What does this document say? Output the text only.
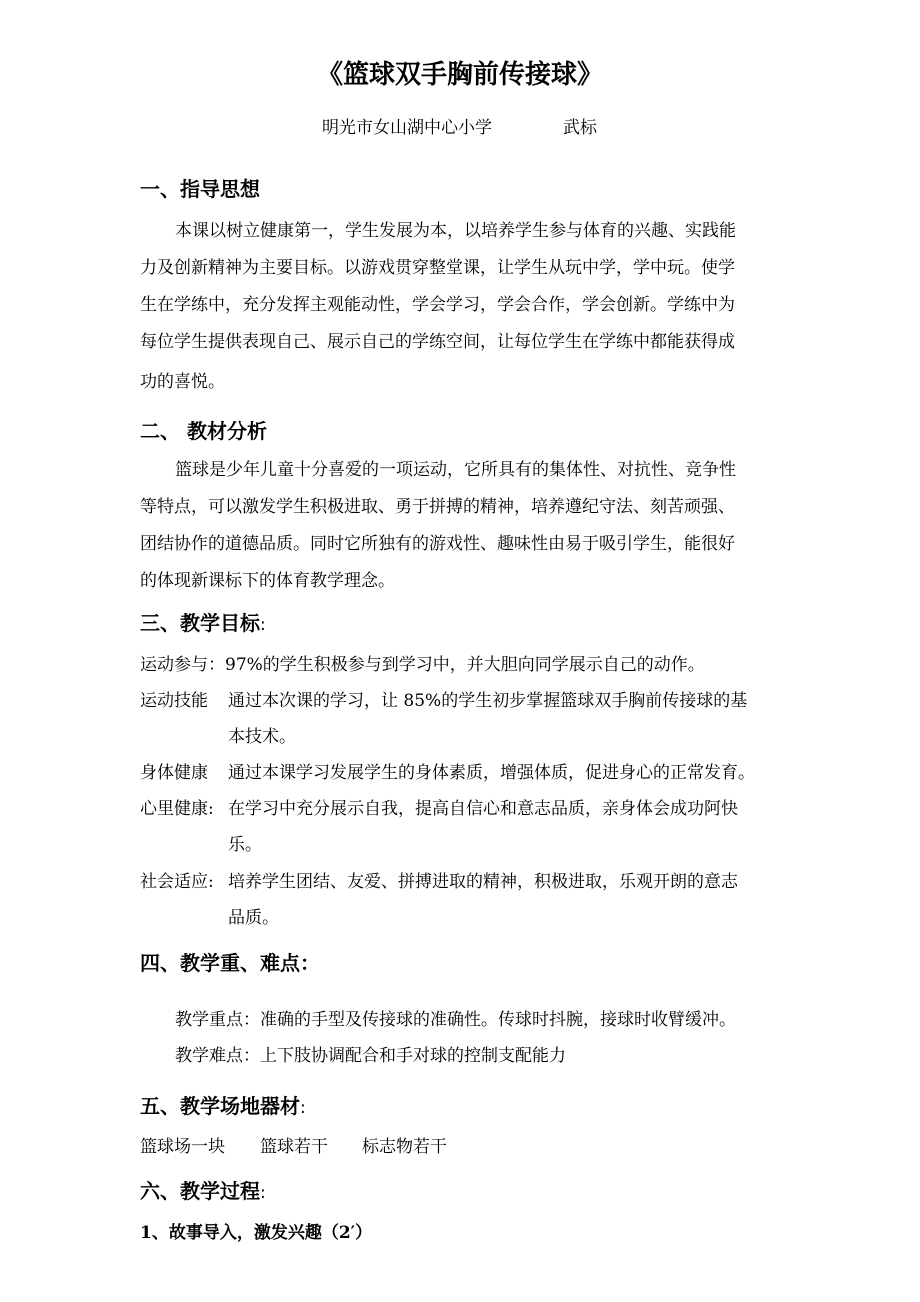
《篮球双手胸前传接球》
明光市女山湖中心小学	武标
一、指导思想
本课以树立健康第一，学生发展为本，以培养学生参与体育的兴趣、实践能
力及创新精神为主要目标。以游戏贯穿整堂课，让学生从玩中学，学中玩。使学
生在学练中，充分发挥主观能动性，学会学习，学会合作，学会创新。学练中为
每位学生提供表现自己、展示自己的学练空间，让每位学生在学练中都能获得成
功的喜悦。
二、 教材分析
篮球是少年儿童十分喜爱的一项运动，它所具有的集体性、对抗性、竞争性
等特点，可以激发学生积极进取、勇于拼搏的精神，培养遵纪守法、刻苦顽强、
团结协作的道德品质。同时它所独有的游戏性、趣味性由易于吸引学生，能很好
的体现新课标下的体育教学理念。
三、教学目标:
运动参与：97%的学生积极参与到学习中，并大胆向同学展示自己的动作。
运动技能 通过本次课的学习，让 85%的学生初步掌握篮球双手胸前传接球的基
本技术。
身体健康 通过本课学习发展学生的身体素质，增强体质，促进身心的正常发育。
心里健康: 在学习中充分展示自我，提高自信心和意志品质，亲身体会成功阿快
乐。
社会适应: 培养学生团结、友爱、拼搏进取的精神，积极进取，乐观开朗的意志
品质。
四、教学重、难点：
教学重点：准确的手型及传接球的准确性。传球时抖腕，接球时收臂缓冲。
教学难点：上下肢协调配合和手对球的控制支配能力
五、教学场地器材:
篮球场一块 篮球若干 标志物若干
六、教学过程:
1、故事导入，激发兴趣（2′）
